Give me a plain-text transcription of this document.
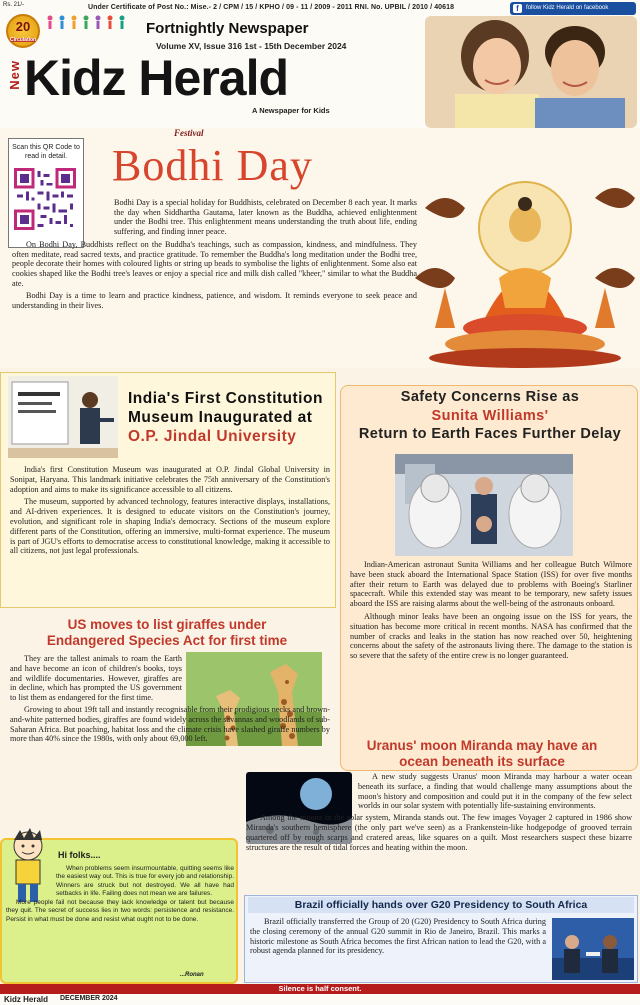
Rs. 21/-
20
Circulation
Under Certificate of Post No.: Mise.- 2 / CPM / 15 / KPHO / 09 - 11 / 2009 - 2011 RNI. No. UPBIL / 2010 / 40618
Fortnightly Newspaper
Volume XV, Issue 316 1st - 15th December 2024
New Kidz Herald
A Newspaper for Kids
f	follow Kidz Herald on facebook
Scan this QR Code to read in detail.
Festival
Bodhi Day

Bodhi Day is a special holiday for Buddhists, celebrated on December 8 each year. It marks the day when Siddhartha Gautama, later known as the Buddha, achieved enlightenment under the Bodhi tree. This enlightenment means understanding the truth about life, ending suffering, and finding inner peace.

On Bodhi Day, Buddhists reflect on the Buddha's teachings, such as compassion, kindness, and mindfulness. They often meditate, read sacred texts, and practice gratitude. To remember the Buddha's long meditation under the Bodhi tree, people decorate their homes with coloured lights or string up beads to symbolise the lights of enlightenment. Some also eat cookies shaped like the Bodhi tree's leaves or enjoy a special rice and milk dish called "kheer," similar to what the Buddha ate.

Bodhi Day is a time to learn and practice kindness, patience, and wisdom. It reminds everyone to seek peace and understanding in their lives.

India's First Constitution
Museum Inaugurated at
O.P. Jindal University

India's first Constitution Museum was inaugurated at O.P. Jindal Global University in Sonipat, Haryana. This landmark initiative celebrates the 75th anniversary of the Constitution's adoption and aims to make its significance accessible to all citizens.

The museum, supported by advanced technology, features interactive displays, installations, and AI-driven experiences. It is designed to educate visitors on the Constitution's journey, evolution, and significant role in shaping India's democracy. Sections of the museum explore different parts of the Constitution, offering an immersive, multi-format experience. The museum is part of JGU's efforts to democratise access to constitutional knowledge, making it accessible to all citizens, not just legal professionals.

Safety Concerns Rise as
Sunita Williams'
Return to Earth Faces Further Delay

Indian-American astronaut Sunita Williams and her colleague Butch Wilmore have been stuck aboard the International Space Station (ISS) for over five months after their return to Earth was delayed due to problems with Boeing's Starliner spacecraft. While this extended stay was meant to be temporary, new safety issues aboard the ISS are raising alarms about the well-being of the astronauts onboard.

Although minor leaks have been an ongoing issue on the ISS for years, the situation has become more critical in recent months. NASA has confirmed that the number of cracks and leaks in the station has now reached over 50, heightening concerns about the safety of the astronauts living there. The damage to the station is so severe that the safety of the entire crew is no longer guaranteed.

US moves to list giraffes under
Endangered Species Act for first time

They are the tallest animals to roam the Earth and have become an icon of children's books, toys and wildlife documentaries. However, giraffes are in decline, which has prompted the US government to list them as endangered for the first time.

Growing to about 19ft tall and instantly recognisable from their prodigious necks and brown-and-white patterned bodies, giraffes are found widely across the savannas and woodlands of sub-Saharan Africa. But poaching, habitat loss and the climate crisis have slashed giraffe numbers by more than 40% since the 1980s, with only about 69,000 left.	Uranus' moon Miranda may have an
ocean beneath its surface

A new study suggests Uranus' moon Miranda may harbour a water ocean beneath its surface, a finding that would challenge many assumptions about the moon's history and composition and could put it in the company of the few select worlds in our solar system with potentially life-sustaining environments.

Among the moons in the solar system, Miranda stands out. The few images Voyager 2 captured in 1986 show Miranda's southern hemisphere (the only part we've seen) as a Frankenstein-like hodgepodge of grooved terrain quartered off by rough scarps and cratered areas, like squares on a quilt. Most researchers suspect these bizarre structures are the result of tidal forces and heating within the moon.

Hi folks....

When problems seem insurmountable, quitting seems like the easiest way out. This is true for every job and relationship. Winners are struck but not destroyed. We all have had setbacks in life. Failing does not mean we are failures.

More people fail not because they lack knowledge or talent but because they quit. The secret of success lies in two words: persistence and resistance. Persist in what must be done and resist what ought not to be done.

...Ronan
Brazil officially hands over G20 Presidency to South Africa

Brazil officially transferred the Group of 20 (G20) Presidency to South Africa during the closing ceremony of the annual G20 summit in Rio de Janeiro, Brazil. This marks a historic milestone as South Africa becomes the first African nation to lead the G20, with a robust agenda planned for its presidency.

Silence is half consent.
Kidz Herald DECEMBER 2024
